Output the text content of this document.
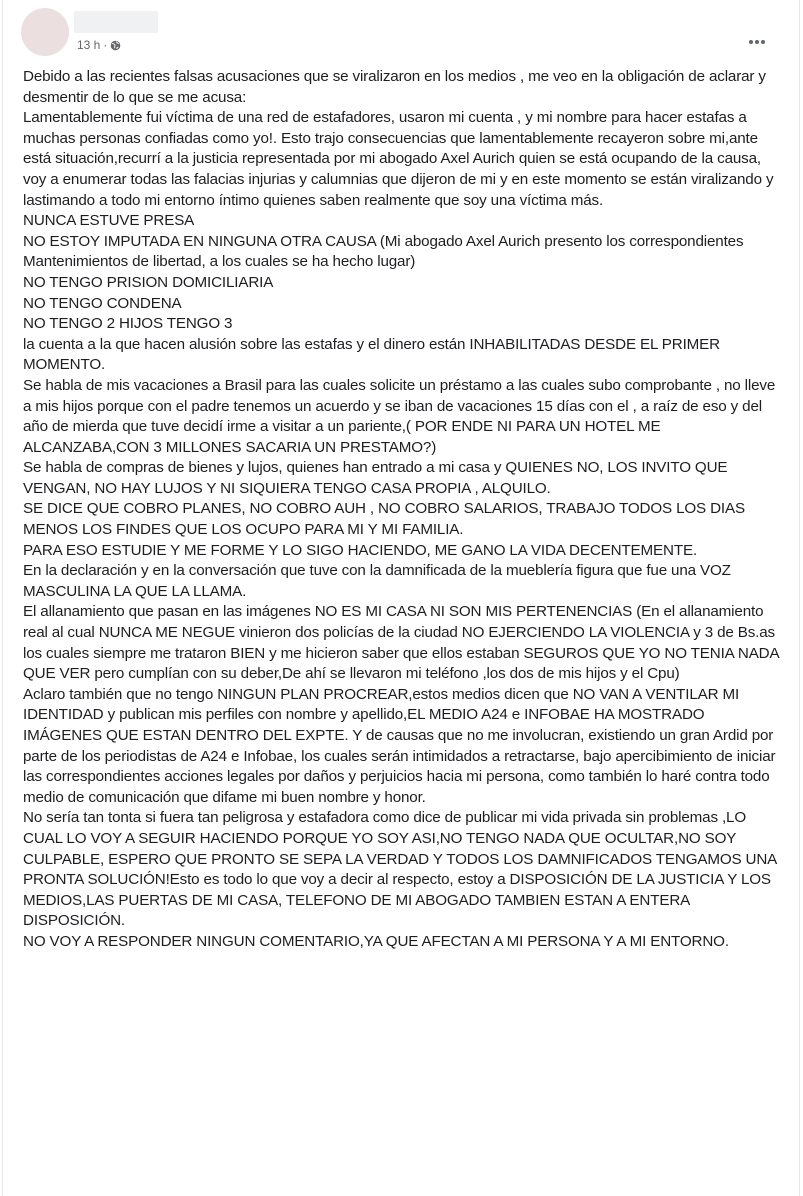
13 h ·

Debido a las recientes falsas acusaciones que se viralizaron en los medios , me veo en la obligación de aclarar y desmentir de lo que se me acusa:

Lamentablemente fui víctima de una red de estafadores, usaron mi cuenta , y mi nombre para hacer estafas a muchas personas confiadas como yo!. Esto trajo consecuencias que lamentablemente recayeron sobre mi,ante está situación,recurrí a la justicia representada por mi abogado Axel Aurich quien se está ocupando de la causa, voy a enumerar todas las falacias injurias y calumnias que dijeron de mi y en este momento se están viralizando y lastimando a todo mi entorno íntimo quienes saben realmente que soy una víctima más.

NUNCA ESTUVE PRESA

NO ESTOY IMPUTADA EN NINGUNA OTRA CAUSA (Mi abogado Axel Aurich presento los correspondientes Mantenimientos de libertad, a los cuales se ha hecho lugar)

NO TENGO PRISION DOMICILIARIA

NO TENGO CONDENA

NO TENGO 2 HIJOS TENGO 3

la cuenta a la que hacen alusión sobre las estafas y el dinero están INHABILITADAS DESDE EL PRIMER MOMENTO.

Se habla de mis vacaciones a Brasil para las cuales solicite un préstamo a las cuales subo comprobante , no lleve a mis hijos porque con el padre tenemos un acuerdo y se iban de vacaciones 15 días con el , a raíz de eso y del año de mierda que tuve decidí irme a visitar a un pariente,( POR ENDE NI PARA UN HOTEL ME ALCANZABA,CON 3 MILLONES SACARIA UN PRESTAMO?)

Se habla de compras de bienes y lujos, quienes han entrado a mi casa y QUIENES NO, LOS INVITO QUE VENGAN, NO HAY LUJOS Y NI SIQUIERA TENGO CASA PROPIA , ALQUILO.

SE DICE QUE COBRO PLANES, NO COBRO AUH , NO COBRO SALARIOS, TRABAJO TODOS LOS DIAS MENOS LOS FINDES QUE LOS OCUPO PARA MI Y MI FAMILIA.

PARA ESO ESTUDIE Y ME FORME Y LO SIGO HACIENDO, ME GANO LA VIDA DECENTEMENTE.

En la declaración y en la conversación que tuve con la damnificada de la mueblería figura que fue una VOZ MASCULINA LA QUE LA LLAMA.

El allanamiento que pasan en las imágenes NO ES MI CASA NI SON MIS PERTENENCIAS (En el allanamiento real al cual NUNCA ME NEGUE vinieron dos policías de la ciudad NO EJERCIENDO LA VIOLENCIA y 3 de Bs.as los cuales siempre me trataron BIEN y me hicieron saber que ellos estaban SEGUROS QUE YO NO TENIA NADA QUE VER pero cumplían con su deber,De ahí se llevaron mi teléfono ,los dos de mis hijos y el Cpu)

Aclaro también que no tengo NINGUN PLAN PROCREAR,estos medios dicen que NO VAN A VENTILAR MI IDENTIDAD y publican mis perfiles con nombre y apellido,EL MEDIO A24 e INFOBAE HA MOSTRADO IMÁGENES QUE ESTAN DENTRO DEL EXPTE. Y de causas que no me involucran, existiendo un gran Ardid por parte de los periodistas de A24 e Infobae, los cuales serán intimidados a retractarse, bajo apercibimiento de iniciar las correspondientes acciones legales por daños y perjuicios hacia mi persona, como también lo haré contra todo medio de comunicación que difame mi buen nombre y honor.

No sería tan tonta si fuera tan peligrosa y estafadora como dice de publicar mi vida privada sin problemas ,LO CUAL LO VOY A SEGUIR HACIENDO PORQUE YO SOY ASI,NO TENGO NADA QUE OCULTAR,NO SOY CULPABLE, ESPERO QUE PRONTO SE SEPA LA VERDAD Y TODOS LOS DAMNIFICADOS TENGAMOS UNA PRONTA SOLUCIÓN!Esto es todo lo que voy a decir al respecto, estoy a DISPOSICIÓN DE LA JUSTICIA Y LOS MEDIOS,LAS PUERTAS DE MI CASA, TELEFONO DE MI ABOGADO TAMBIEN ESTAN A ENTERA DISPOSICIÓN.

NO VOY A RESPONDER NINGUN COMENTARIO,YA QUE AFECTAN A MI PERSONA Y A MI ENTORNO.
